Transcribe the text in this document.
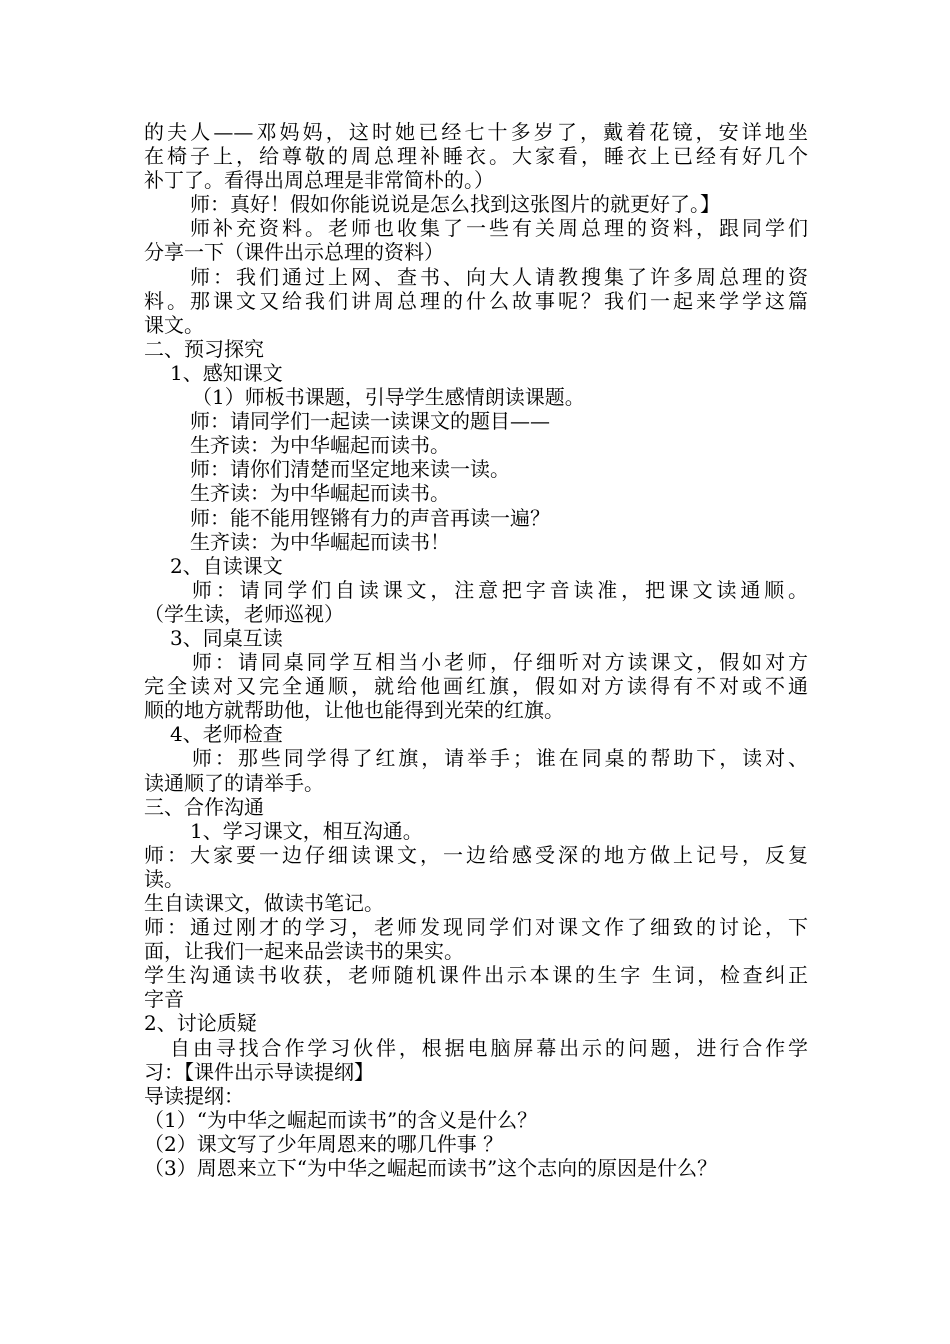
的夫人——邓妈妈，这时她已经七十多岁了，戴着花镜，安详地坐
在椅子上，给尊敬的周总理补睡衣。大家看，睡衣上已经有好几个
补丁了。看得出周总理是非常简朴的。）
师：真好！假如你能说说是怎么找到这张图片的就更好了。】
师补充资料。老师也收集了一些有关周总理的资料，跟同学们
分享一下（课件出示总理的资料）
师：我们通过上网、查书、向大人请教搜集了许多周总理的资
料。那课文又给我们讲周总理的什么故事呢？我们一起来学学这篇
课文。
二、预习探究
1、感知课文
（1）师板书课题，引导学生感情朗读课题。
师：请同学们一起读一读课文的题目——
生齐读：为中华崛起而读书。
师：请你们清楚而坚定地来读一读。
生齐读：为中华崛起而读书。
师：能不能用铿锵有力的声音再读一遍？
生齐读：为中华崛起而读书！
2、自读课文
师：请同学们自读课文，注意把字音读准，把课文读通顺。
（学生读，老师巡视）
3、同桌互读
师：请同桌同学互相当小老师，仔细听对方读课文，假如对方
完全读对又完全通顺，就给他画红旗，假如对方读得有不对或不通
顺的地方就帮助他，让他也能得到光荣的红旗。
4、老师检查
师：那些同学得了红旗，请举手；谁在同桌的帮助下，读对、
读通顺了的请举手。
三、合作沟通
1、学习课文，相互沟通。
师：大家要一边仔细读课文，一边给感受深的地方做上记号，反复
读。
生自读课文，做读书笔记。
师：通过刚才的学习，老师发现同学们对课文作了细致的讨论，下
面，让我们一起来品尝读书的果实。
学生沟通读书收获，老师随机课件出示本课的生字 生词，检查纠正
字音
2、讨论质疑
自由寻找合作学习伙伴，根据电脑屏幕出示的问题，进行合作学
习：【课件出示导读提纲】
导读提纲：
（1）“为中华之崛起而读书”的含义是什么？
（2）课文写了少年周恩来的哪几件事 ？
（3）周恩来立下“为中华之崛起而读书”这个志向的原因是什么？
